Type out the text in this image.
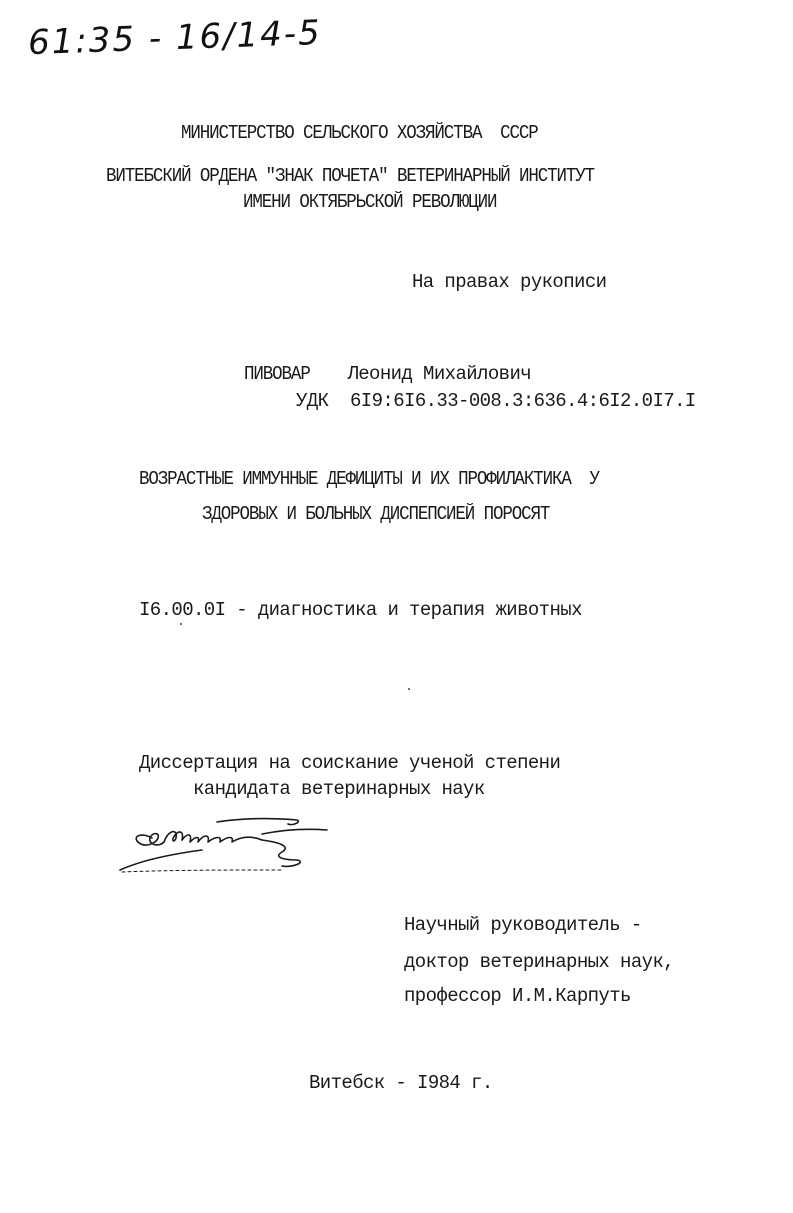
61:35 - 16/14-5
МИНИСТЕРСТВО СЕЛЬСКОГО ХОЗЯЙСТВА  СССР
ВИТЕБСКИЙ ОРДЕНА "ЗНАК ПОЧЕТА" ВЕТЕРИНАРНЫЙ ИНСТИТУТ
ИМЕНИ ОКТЯБРЬСКОЙ РЕВОЛЮЦИИ
На правах рукописи

ПИВОВАР Леонид Михайлович

УДК  6I9:6I6.33-008.3:636.4:6I2.0I7.I
ВОЗРАСТНЫЕ ИММУННЫЕ ДЕФИЦИТЫ И ИХ ПРОФИЛАКТИКА  У
ЗДОРОВЫХ И БОЛЬНЫХ ДИСПЕПСИЕЙ ПОРОСЯТ
I6.00.0I - диагностика и терапия животных
Диссертация на соискание ученой степени
кандидата ветеринарных наук
Научный руководитель -
доктор ветеринарных наук,
профессор И.М.Карпуть
Витебск - I984 г.
